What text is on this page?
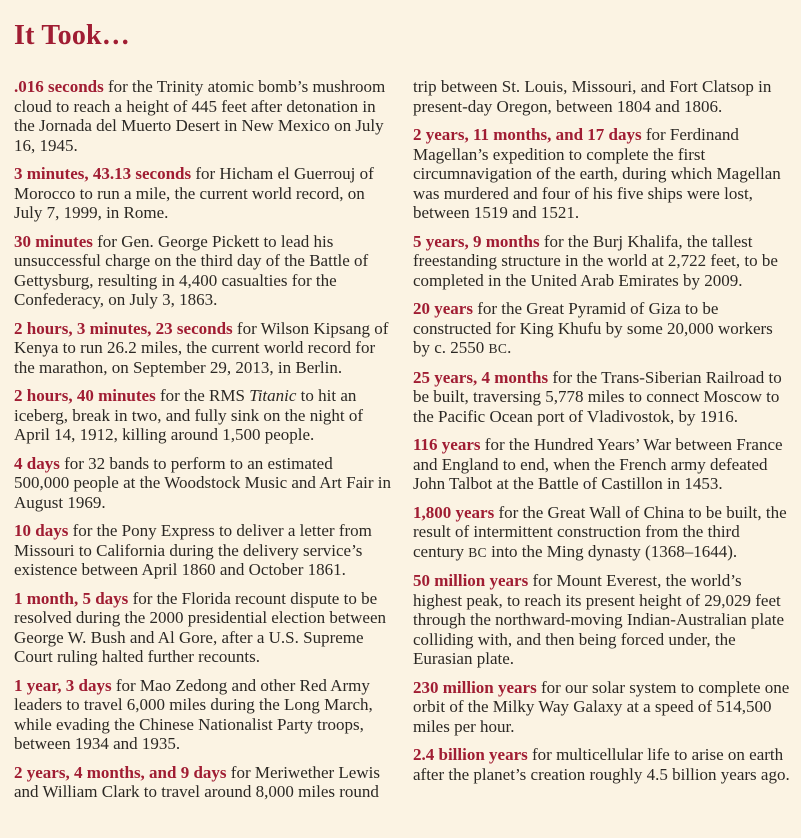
It Took…

.016 seconds for the Trinity atomic bomb’s mushroom cloud to reach a height of 445 feet after detonation in the Jornada del Muerto Desert in New Mexico on July 16, 1945.

3 minutes, 43.13 seconds for Hicham el Guerrouj of Morocco to run a mile, the current world record, on July 7, 1999, in Rome.

30 minutes for Gen. George Pickett to lead his unsuccessful charge on the third day of the Battle of Gettysburg, resulting in 4,400 casualties for the Confederacy, on July 3, 1863.

2 hours, 3 minutes, 23 seconds for Wilson Kipsang of Kenya to run 26.2 miles, the current world record for the marathon, on September 29, 2013, in Berlin.

2 hours, 40 minutes for the RMS Titanic to hit an iceberg, break in two, and fully sink on the night of April 14, 1912, killing around 1,500 people.

4 days for 32 bands to perform to an estimated 500,000 people at the Woodstock Music and Art Fair in August 1969.

10 days for the Pony Express to deliver a letter from Missouri to California during the delivery service’s existence between April 1860 and October 1861.

1 month, 5 days for the Florida recount dispute to be resolved during the 2000 presidential election between George W. Bush and Al Gore, after a U.S. Supreme Court ruling halted further recounts.

1 year, 3 days for Mao Zedong and other Red Army leaders to travel 6,000 miles during the Long March, while evading the Chinese Nationalist Party troops, between 1934 and 1935.

2 years, 4 months, and 9 days for Meriwether Lewis and William Clark to travel around 8,000 miles round

trip between St. Louis, Missouri, and Fort Clatsop in present-day Oregon, between 1804 and 1806.

2 years, 11 months, and 17 days for Ferdinand Magellan’s expedition to complete the first circumnavigation of the earth, during which Magellan was murdered and four of his five ships were lost, between 1519 and 1521.

5 years, 9 months for the Burj Khalifa, the tallest freestanding structure in the world at 2,722 feet, to be completed in the United Arab Emirates by 2009.

20 years for the Great Pyramid of Giza to be constructed for King Khufu by some 20,000 workers by c. 2550 BC.

25 years, 4 months for the Trans-Siberian Railroad to be built, traversing 5,778 miles to connect Moscow to the Pacific Ocean port of Vladivostok, by 1916.

116 years for the Hundred Years’ War between France and England to end, when the French army defeated John Talbot at the Battle of Castillon in 1453.

1,800 years for the Great Wall of China to be built, the result of intermittent construction from the third century BC into the Ming dynasty (1368–1644).

50 million years for Mount Everest, the world’s highest peak, to reach its present height of 29,029 feet through the northward-moving Indian-Australian plate colliding with, and then being forced under, the Eurasian plate.

230 million years for our solar system to complete one orbit of the Milky Way Galaxy at a speed of 514,500 miles per hour.

2.4 billion years for multicellular life to arise on earth after the planet’s creation roughly 4.5 billion years ago.
